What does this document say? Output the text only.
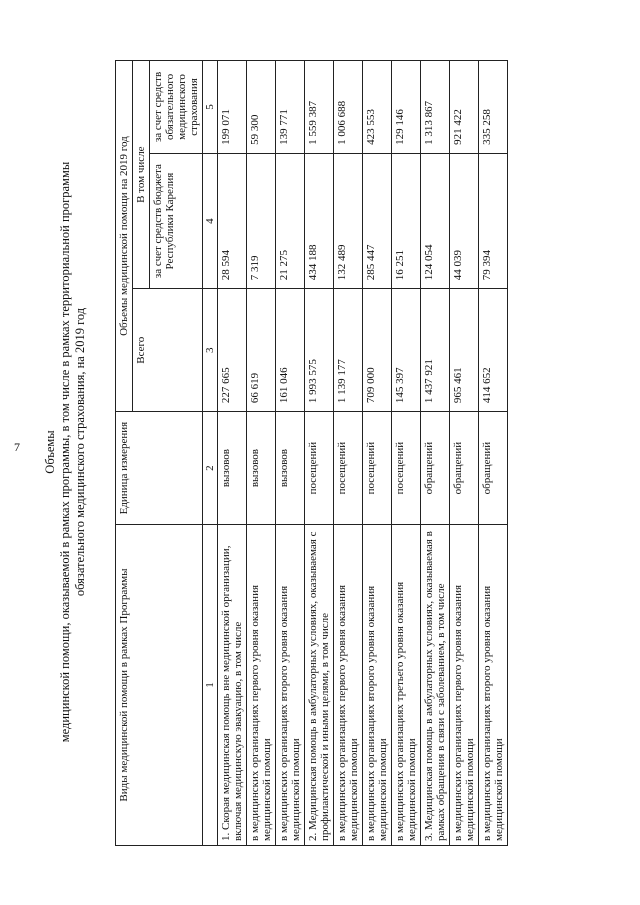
7 Объемы медицинской помощи, оказываемой в рамках программы, в том числе в рамках территориальной программы обязательного медицинского страхования, на 2019 год
Виды медицинской помощи в рамках Программы	Единица измерения	Объемы медицинской помощи на 2019 год		
		Всего	В том числе	
			за счет средств бюджета Республики Карелия	за счет средств обязательного медицинского страхования
1	2	3	4	5
1. Скорая медицинская помощь вне медицинской организации, включая медицинскую эвакуацию, в том числе	вызовов	227 665	28 594	199 071
в медицинских организациях первого уровня оказания медицинской помощи	вызовов	66 619	7 319	59 300
в медицинских организациях второго уровня оказания медицинской помощи	вызовов	161 046	21 275	139 771
2. Медицинская помощь в амбулаторных условиях, оказываемая с профилактической и иными целями, в том числе	посещений	1 993 575	434 188	1 559 387
в медицинских организациях первого уровня оказания медицинской помощи	посещений	1 139 177	132 489	1 006 688
в медицинских организациях второго уровня оказания медицинской помощи	посещений	709 000	285 447	423 553
в медицинских организациях третьего уровня оказания медицинской помощи	посещений	145 397	16 251	129 146
3. Медицинская помощь в амбулаторных условиях, оказываемая в рамках обращения в связи с заболеванием, в том числе	обращений	1 437 921	124 054	1 313 867
в медицинских организациях первого уровня оказания медицинской помощи	обращений	965 461	44 039	921 422
в медицинских организациях второго уровня оказания медицинской помощи	обращений	414 652	79 394	335 258
